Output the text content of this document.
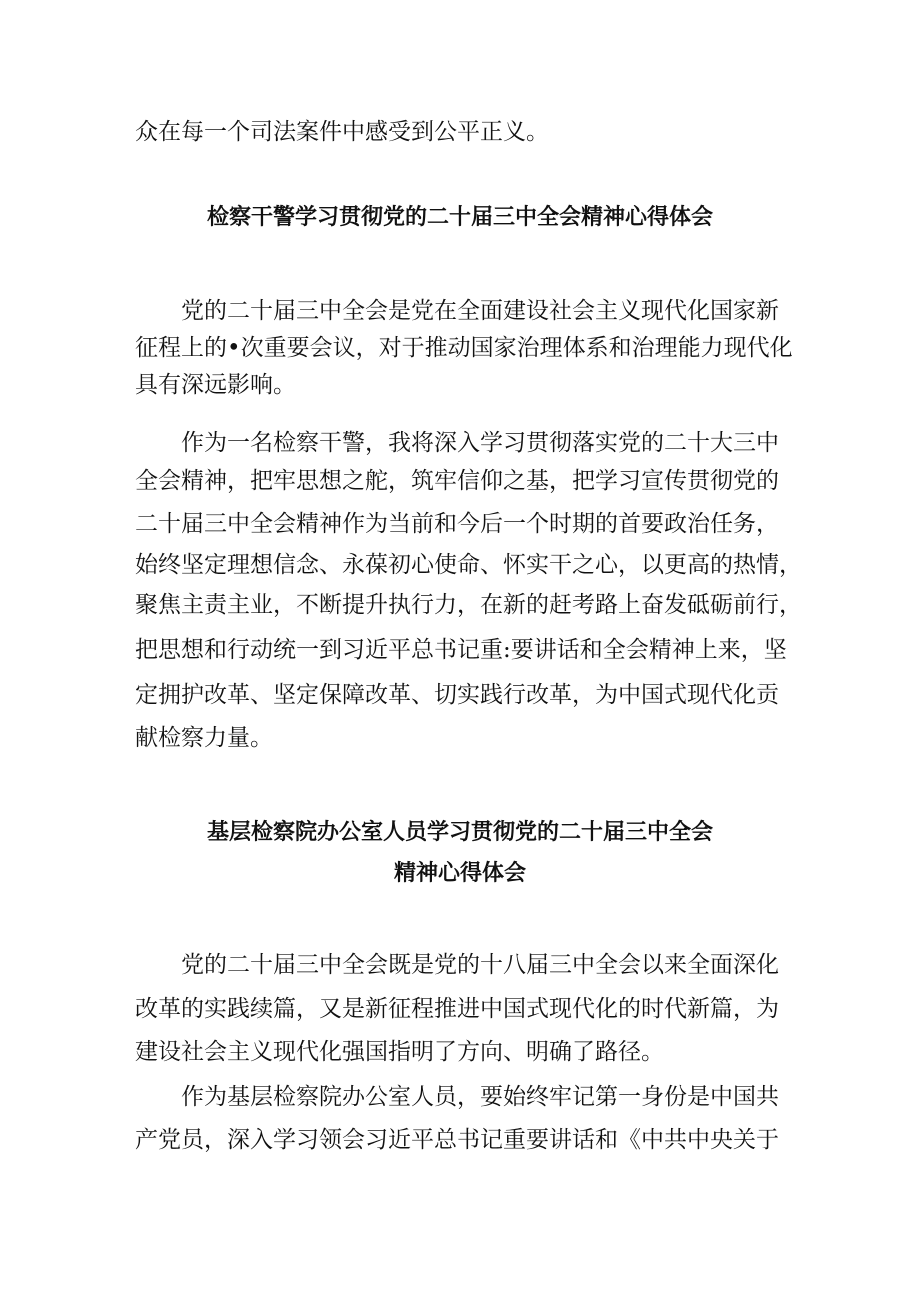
众在每一个司法案件中感受到公平正义。
检察干警学习贯彻党的二十届三中全会精神心得体会
党的二十届三中全会是党在全面建设社会主义现代化国家新
征程上的•次重要会议，对于推动国家治理体系和治理能力现代化
具有深远影响。
作为一名检察干警，我将深入学习贯彻落实党的二十大三中
全会精神，把牢思想之舵，筑牢信仰之基，把学习宣传贯彻党的
二十届三中全会精神作为当前和今后一个时期的首要政治任务，
始终坚定理想信念、永葆初心使命、怀实干之心，以更高的热情，
聚焦主责主业，不断提升执行力，在新的赶考路上奋发砥砺前行，
把思想和行动统一到习近平总书记重:要讲话和全会精神上来，坚
定拥护改革、坚定保障改革、切实践行改革，为中国式现代化贡
献检察力量。
基层检察院办公室人员学习贯彻党的二十届三中全会
精神心得体会
党的二十届三中全会既是党的十八届三中全会以来全面深化
改革的实践续篇，又是新征程推进中国式现代化的时代新篇，为
建设社会主义现代化强国指明了方向、明确了路径。
作为基层检察院办公室人员，要始终牢记第一身份是中国共
产党员，深入学习领会习近平总书记重要讲话和《中共中央关于
